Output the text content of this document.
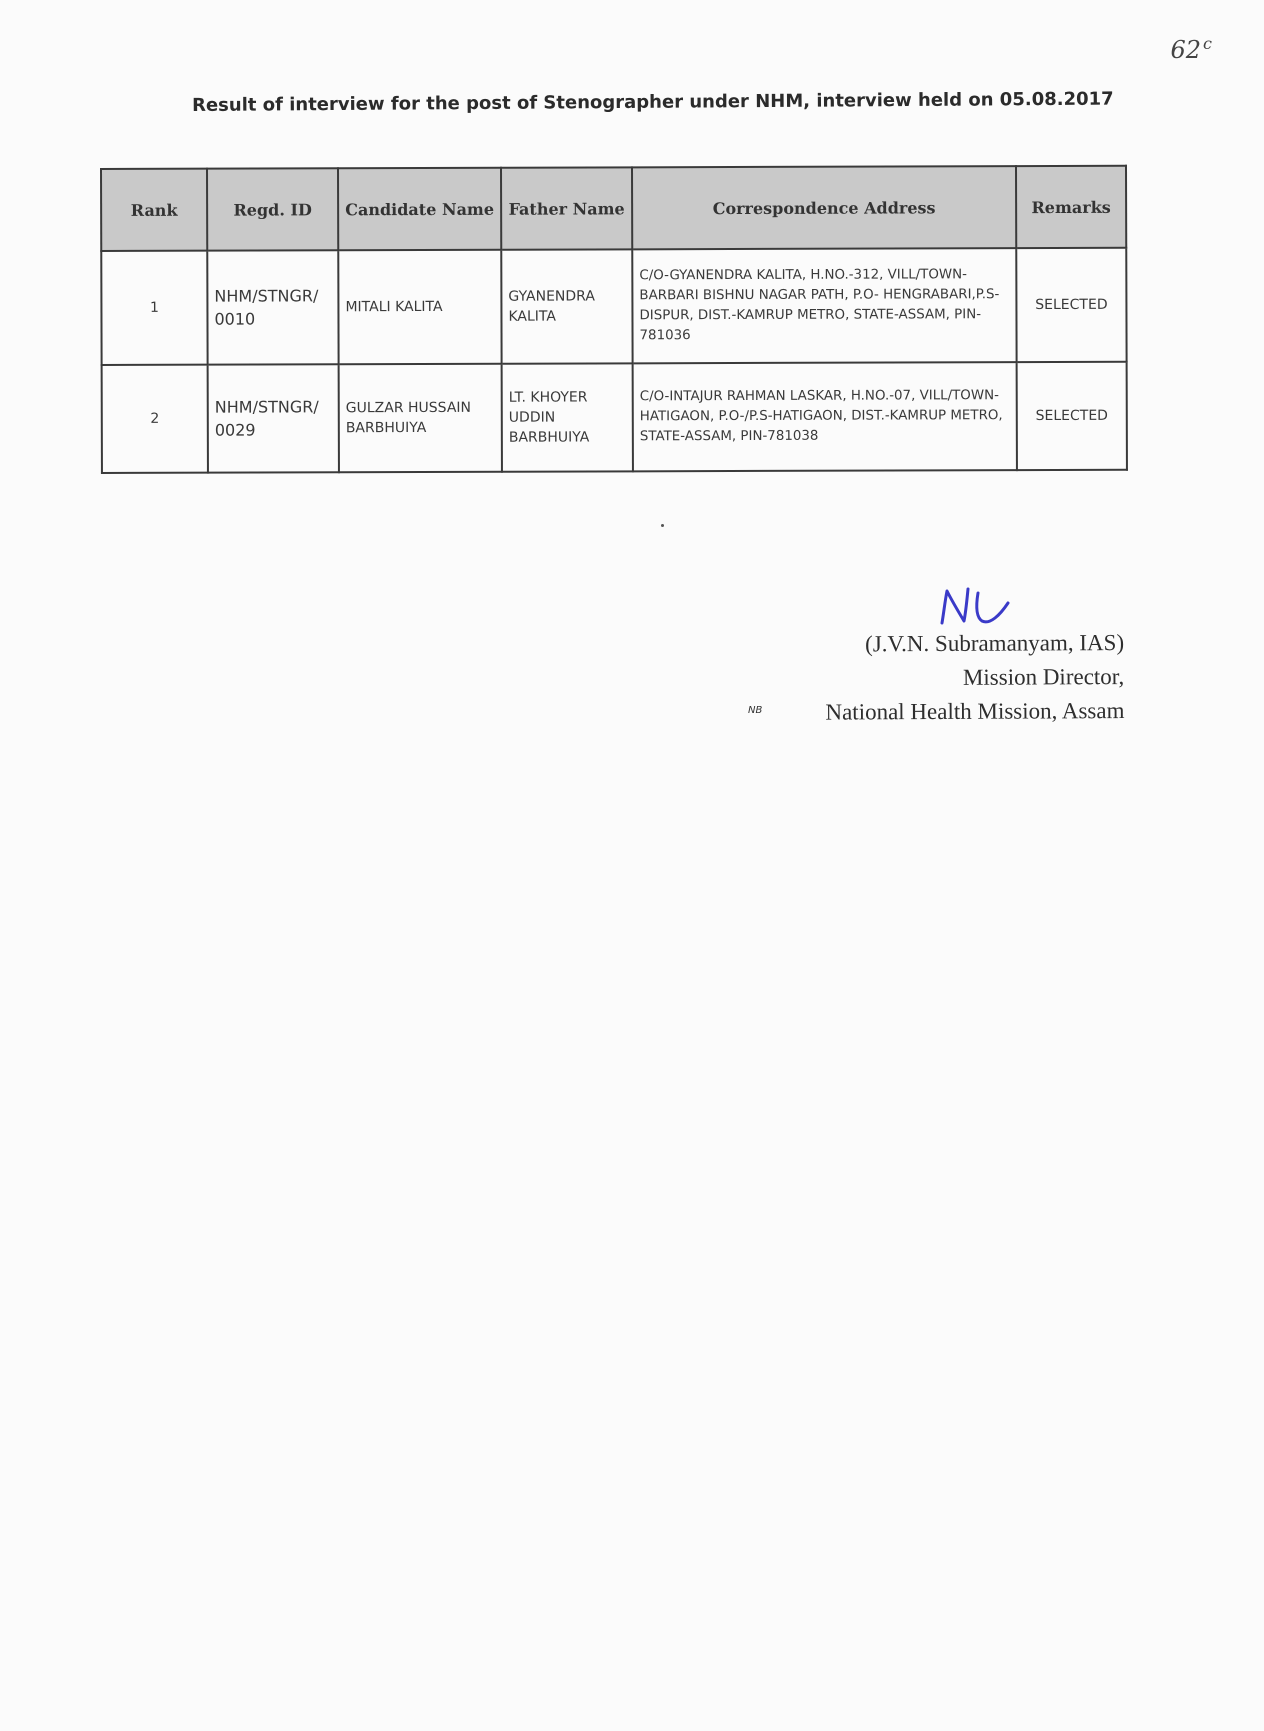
62 $^c$
Result of interview for the post of Stenographer under NHM, interview held on 05.08.2017
Rank	Regd. ID	Candidate Name	Father Name	Correspondence Address	Remarks
1	NHM/STNGR/ 0010	MITALI KALITA	GYANENDRA KALITA	C/O-GYANENDRA KALITA, H.NO.-312, VILL/TOWN- BARBARI BISHNU NAGAR PATH, P.O- HENGRABARI,P.S-DISPUR, DIST.-KAMRUP METRO, STATE-ASSAM, PIN-781036	SELECTED
2	NHM/STNGR/ 0029	GULZAR HUSSAIN BARBHUIYA	LT. KHOYER UDDIN BARBHUIYA	C/O-INTAJUR RAHMAN LASKAR, H.NO.-07, VILL/TOWN- HATIGAON, P.O-/P.S-HATIGAON, DIST.-KAMRUP METRO, STATE-ASSAM, PIN-781038	SELECTED
(J.V.N. Subramanyam, IAS)
Mission Director,
National Health Mission, Assam
NB
